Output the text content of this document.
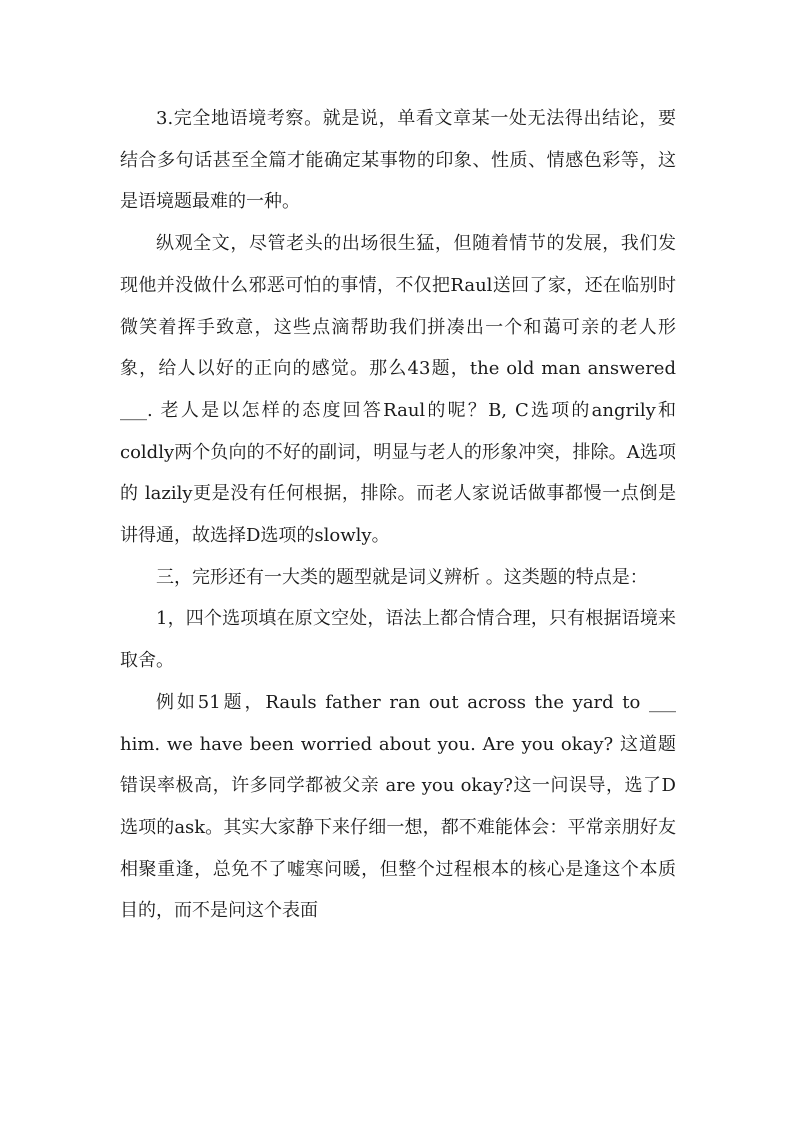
3.完全地语境考察。就是说，单看文章某一处无法得出结论，要结合多句话甚至全篇才能确定某事物的印象、性质、情感色彩等，这是语境题最难的一种。

纵观全文，尽管老头的出场很生猛，但随着情节的发展，我们发现他并没做什么邪恶可怕的事情，不仅把Raul送回了家，还在临别时微笑着挥手致意，这些点滴帮助我们拼凑出一个和蔼可亲的老人形象，给人以好的正向的感觉。那么43题，the old man answered ___. 老人是以怎样的态度回答Raul的呢？B, C选项的angrily和coldly两个负向的不好的副词，明显与老人的形象冲突，排除。A选项的 lazily更是没有任何根据，排除。而老人家说话做事都慢一点倒是讲得通，故选择D选项的slowly。

三，完形还有一大类的题型就是词义辨析 。这类题的特点是：

1，四个选项填在原文空处，语法上都合情合理，只有根据语境来取舍。

例如51题，Rauls father ran out across the yard to ___ him. we have been worried about you. Are you okay? 这道题错误率极高，许多同学都被父亲 are you okay?这一问误导，选了D选项的ask。其实大家静下来仔细一想，都不难能体会：平常亲朋好友相聚重逢，总免不了嘘寒问暖，但整个过程根本的核心是逢这个本质目的，而不是问这个表面
